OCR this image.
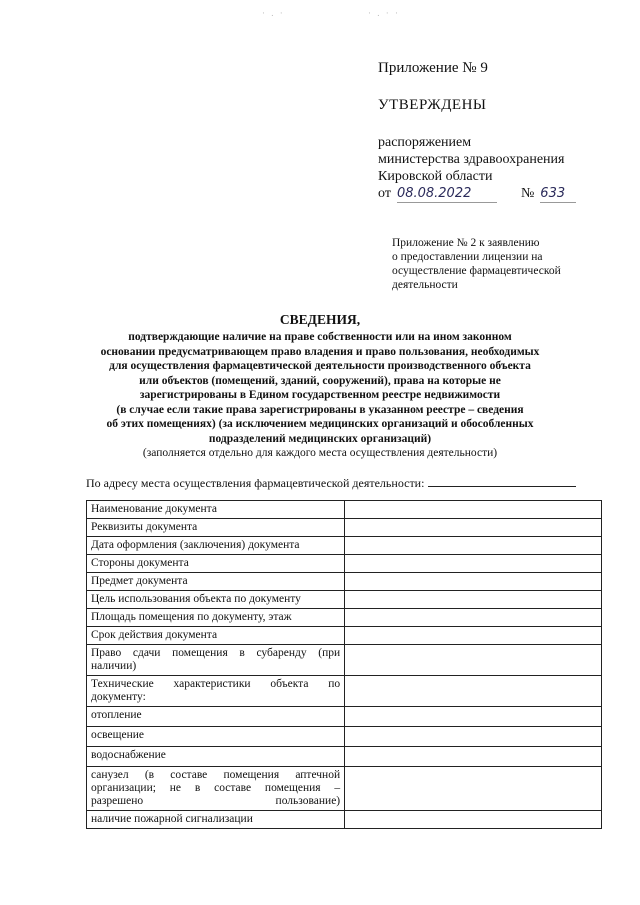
· . ·	· . · ·

Приложение № 9

УТВЕРЖДЕНЫ

распоряжением
министерства здравоохранения
Кировской области
от 08.08.2022	№ 633
Приложение № 2 к заявлению
о предоставлении лицензии на
осуществление фармацевтической
деятельности

СВЕДЕНИЯ,

подтверждающие наличие на праве собственности или на ином законном

основании предусматривающем право владения и право пользования, необходимых

для осуществления фармацевтической деятельности производственного объекта

или объектов (помещений, зданий, сооружений), права на которые не

зарегистрированы в Едином государственном реестре недвижимости

(в случае если такие права зарегистрированы в указанном реестре – сведения

об этих помещениях) (за исключением медицинских организаций и обособленных

подразделений медицинских организаций)

(заполняется отдельно для каждого места осуществления деятельности)

По адресу места осуществления фармацевтической деятельности:
Наименование документа	
Реквизиты документа	
Дата оформления (заключения) документа	
Стороны документа	
Предмет документа	
Цель использования объекта по документу	
Площадь помещения по документу, этаж	
Срок действия документа	
Право сдачи помещения в субаренду (при наличии)	
Технические характеристики объекта по документу:	
отопление	
освещение	
водоснабжение	
санузел (в составе помещения аптечной организации; не в составе помещения – разрешено пользование)	
наличие пожарной сигнализации	
